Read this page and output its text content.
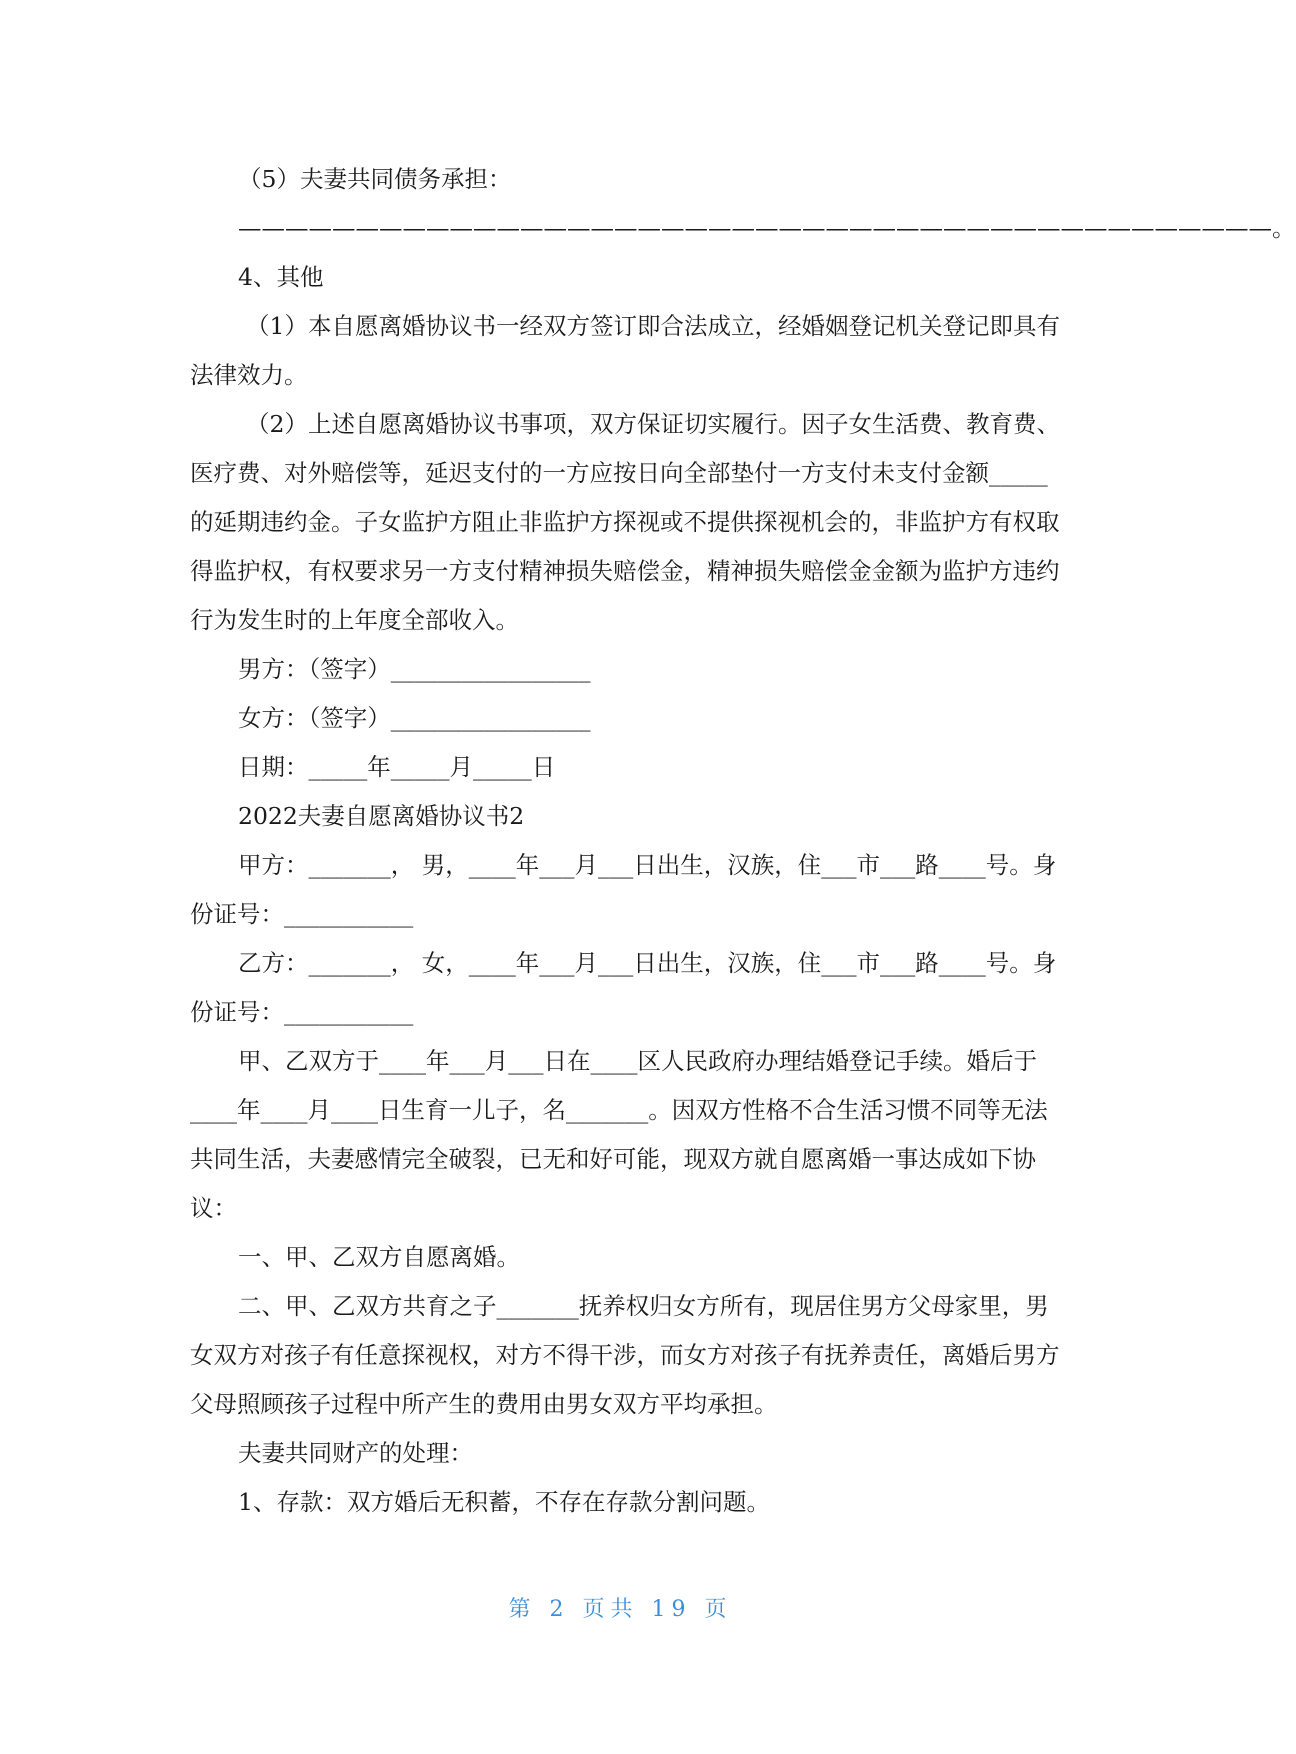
（5）夫妻共同债务承担：

————————————————————————————————————————————。

4、其他

（1）本自愿离婚协议书一经双方签订即合法成立，经婚姻登记机关登记即具有法律效力。

（2）上述自愿离婚协议书事项，双方保证切实履行。因子女生活费、教育费、医疗费、对外赔偿等，延迟支付的一方应按日向全部垫付一方支付未支付金额_____的延期违约金。子女监护方阻止非监护方探视或不提供探视机会的，非监护方有权取得监护权，有权要求另一方支付精神损失赔偿金，精神损失赔偿金金额为监护方违约行为发生时的上年度全部收入。

男方：（签字）_________________

女方：（签字）_________________

日期：_____年_____月_____日

2022夫妻自愿离婚协议书2

甲方：_______， 男，____年___月___日出生，汉族，住___市___路____号。身份证号：___________

乙方：_______， 女，____年___月___日出生，汉族，住___市___路____号。身份证号：___________

甲、乙双方于____年___月___日在____区人民政府办理结婚登记手续。婚后于 ____年____月____日生育一儿子，名_______。因双方性格不合生活习惯不同等无法共同生活，夫妻感情完全破裂，已无和好可能，现双方就自愿离婚一事达成如下协议：

一、甲、乙双方自愿离婚。

二、甲、乙双方共育之子_______抚养权归女方所有，现居住男方父母家里，男女双方对孩子有任意探视权，对方不得干涉，而女方对孩子有抚养责任，离婚后男方父母照顾孩子过程中所产生的费用由男女双方平均承担。

夫妻共同财产的处理：

1、存款：双方婚后无积蓄，不存在存款分割问题。

第 2 页共 19 页
